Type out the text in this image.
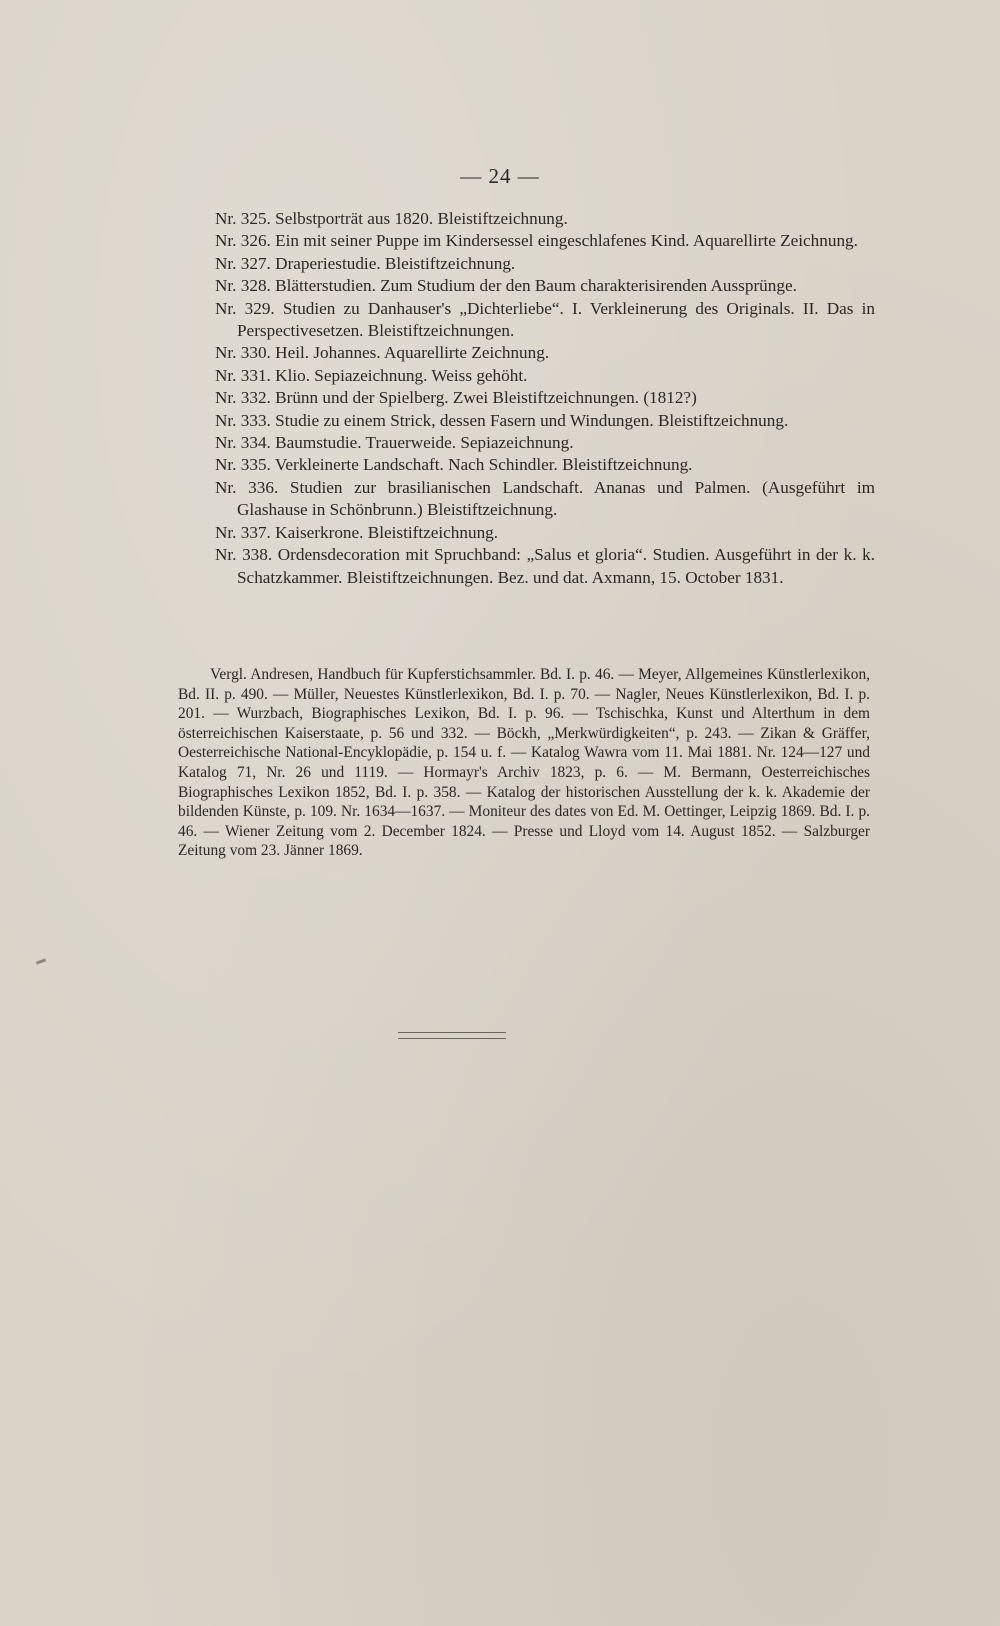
— 24 —
Nr. 325. Selbstporträt aus 1820. Bleistiftzeichnung.
Nr. 326. Ein mit seiner Puppe im Kindersessel eingeschlafenes Kind. Aquarellirte Zeichnung.
Nr. 327. Draperiestudie. Bleistiftzeichnung.
Nr. 328. Blätterstudien. Zum Studium der den Baum charakterisirenden Aussprünge.
Nr. 329. Studien zu Danhauser's „Dichterliebe“. I. Verkleinerung des Originals. II. Das in Perspectivesetzen. Bleistiftzeichnungen.
Nr. 330. Heil. Johannes. Aquarellirte Zeichnung.
Nr. 331. Klio. Sepiazeichnung. Weiss gehöht.
Nr. 332. Brünn und der Spielberg. Zwei Bleistiftzeichnungen. (1812?)
Nr. 333. Studie zu einem Strick, dessen Fasern und Windungen. Bleistiftzeichnung.
Nr. 334. Baumstudie. Trauerweide. Sepiazeichnung.
Nr. 335. Verkleinerte Landschaft. Nach Schindler. Bleistiftzeichnung.
Nr. 336. Studien zur brasilianischen Landschaft. Ananas und Palmen. (Ausgeführt im Glashause in Schönbrunn.) Bleistiftzeichnung.
Nr. 337. Kaiserkrone. Bleistiftzeichnung.
Nr. 338. Ordensdecoration mit Spruchband: „Salus et gloria“. Studien. Ausgeführt in der k. k. Schatzkammer. Bleistiftzeichnungen. Bez. und dat. Axmann, 15. October 1831.
Vergl. Andresen, Handbuch für Kupferstichsammler. Bd. I. p. 46. — Meyer, Allgemeines Künstlerlexikon, Bd. II. p. 490. — Müller, Neuestes Künstlerlexikon, Bd. I. p. 70. — Nagler, Neues Künstlerlexikon, Bd. I. p. 201. — Wurzbach, Biographisches Lexikon, Bd. I. p. 96. — Tschischka, Kunst und Alterthum in dem österreichischen Kaiserstaate, p. 56 und 332. — Böckh, „Merkwürdigkeiten“, p. 243. — Zikan & Gräffer, Oesterreichische National-Encyklopädie, p. 154 u. f. — Katalog Wawra vom 11. Mai 1881. Nr. 124—127 und Katalog 71, Nr. 26 und 1119. — Hormayr's Archiv 1823, p. 6. — M. Bermann, Oesterreichisches Biographisches Lexikon 1852, Bd. I. p. 358. — Katalog der historischen Ausstellung der k. k. Akademie der bildenden Künste, p. 109. Nr. 1634—1637. — Moniteur des dates von Ed. M. Oettinger, Leipzig 1869. Bd. I. p. 46. — Wiener Zeitung vom 2. December 1824. — Presse und Lloyd vom 14. August 1852. — Salzburger Zeitung vom 23. Jänner 1869.
